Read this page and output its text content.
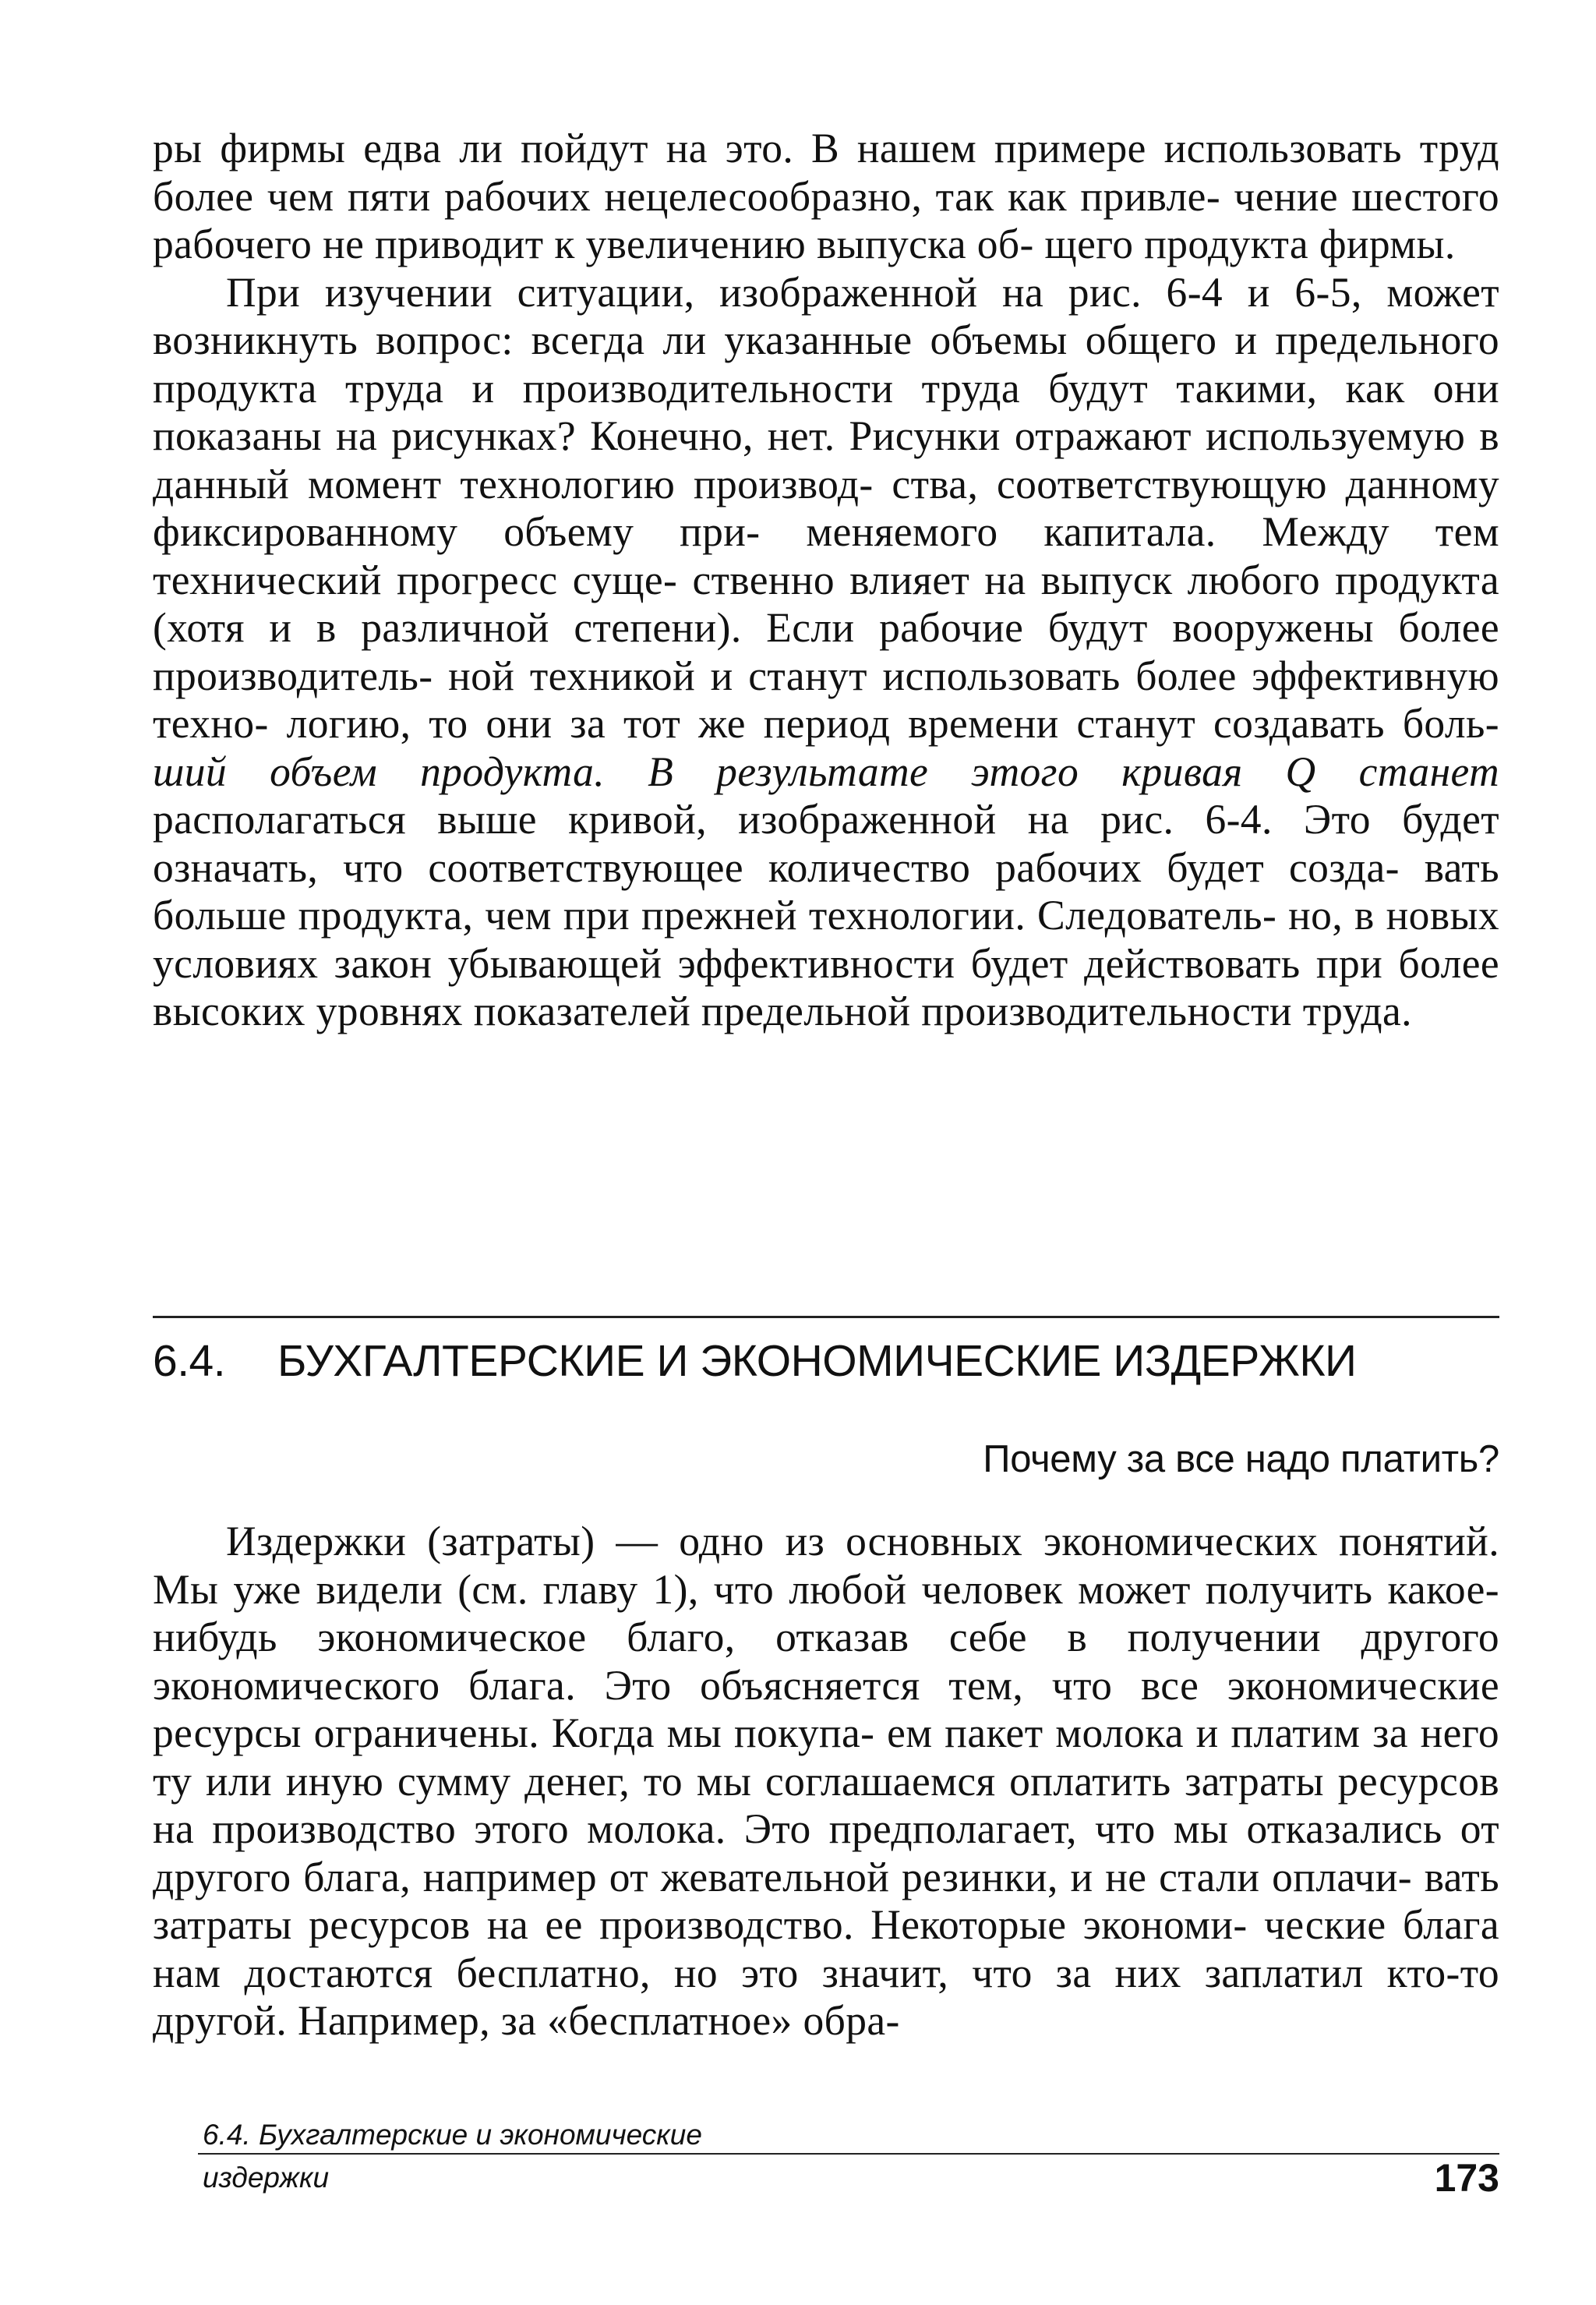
ры фирмы едва ли пойдут на это. В нашем примере использовать труд более чем пяти рабочих нецелесообразно, так как привле- чение шестого рабочего не приводит к увеличению выпуска об- щего продукта фирмы.

При изучении ситуации, изображенной на рис. 6-4 и 6-5, может возникнуть вопрос: всегда ли указанные объемы общего и предельного продукта труда и производительности труда будут такими, как они показаны на рисунках? Конечно, нет. Рисунки отражают используемую в данный момент технологию производ- ства, соответствующую данному фиксированному объему при- меняемого капитала. Между тем технический прогресс суще- ственно влияет на выпуск любого продукта (хотя и в различной степени). Если рабочие будут вооружены более производитель- ной техникой и станут использовать более эффективную техно- логию, то они за тот же период времени станут создавать боль- ший объем продукта. В результате этого кривая Q станет располагаться выше кривой, изображенной на рис. 6-4. Это будет означать, что соответствующее количество рабочих будет созда- вать больше продукта, чем при прежней технологии. Следователь- но, в новых условиях закон убывающей эффективности будет действовать при более высоких уровнях показателей предельной производительности труда.

6.4. БУХГАЛТЕРСКИЕ И ЭКОНОМИЧЕСКИЕ ИЗДЕРЖКИ
Почему за все надо платить?

Издержки (затраты) — одно из основных экономических понятий. Мы уже видели (см. главу 1), что любой человек может получить какое-нибудь экономическое благо, отказав себе в получении другого экономического блага. Это объясняется тем, что все экономические ресурсы ограничены. Когда мы покупа- ем пакет молока и платим за него ту или иную сумму денег, то мы соглашаемся оплатить затраты ресурсов на производство этого молока. Это предполагает, что мы отказались от другого блага, например от жевательной резинки, и не стали оплачи- вать затраты ресурсов на ее производство. Некоторые экономи- ческие блага нам достаются бесплатно, но это значит, что за них заплатил кто-то другой. Например, за «бесплатное» обра-

6.4. Бухгалтерские и экономические
издержки	173
